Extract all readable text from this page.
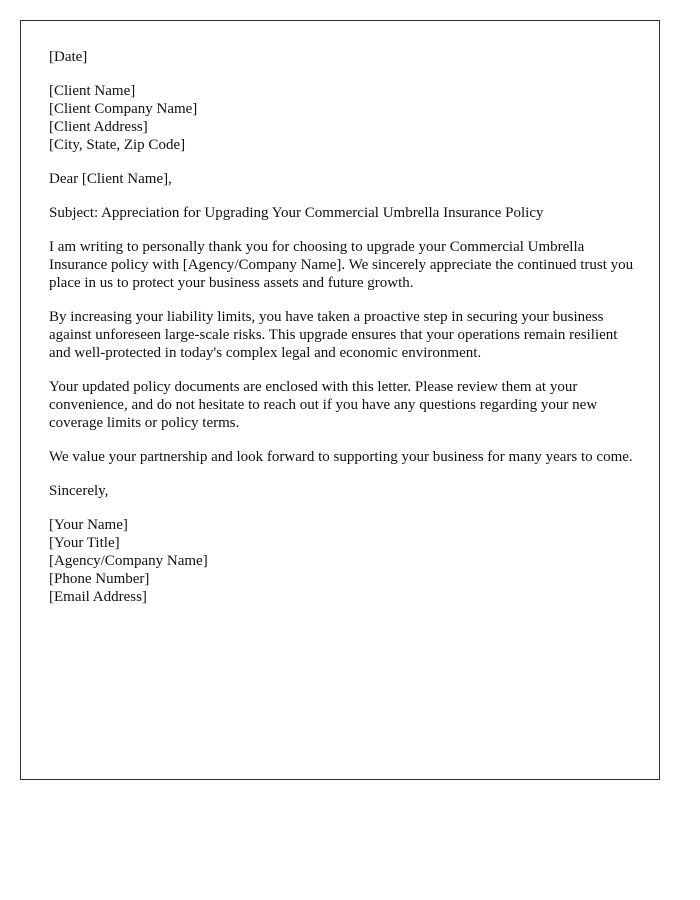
[Date]

[Client Name]
[Client Company Name]
[Client Address]
[City, State, Zip Code]

Dear [Client Name],

Subject: Appreciation for Upgrading Your Commercial Umbrella Insurance Policy

I am writing to personally thank you for choosing to upgrade your Commercial Umbrella Insurance policy with [Agency/Company Name]. We sincerely appreciate the continued trust you place in us to protect your business assets and future growth.

By increasing your liability limits, you have taken a proactive step in securing your business against unforeseen large-scale risks. This upgrade ensures that your operations remain resilient and well-protected in today's complex legal and economic environment.

Your updated policy documents are enclosed with this letter. Please review them at your convenience, and do not hesitate to reach out if you have any questions regarding your new coverage limits or policy terms.

We value your partnership and look forward to supporting your business for many years to come.

Sincerely,

[Your Name]
[Your Title]
[Agency/Company Name]
[Phone Number]
[Email Address]
